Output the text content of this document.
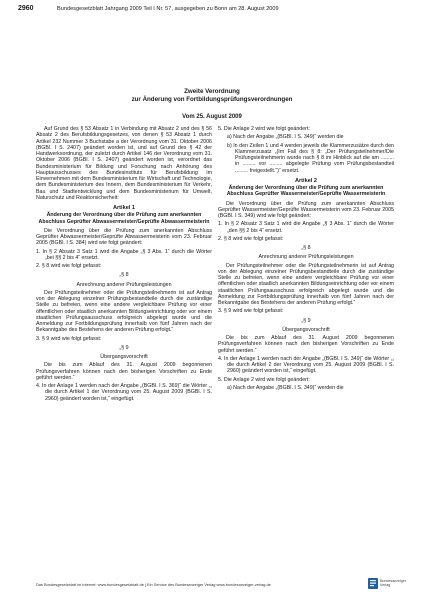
2960	Bundesgesetzblatt Jahrgang 2009 Teil I Nr. 57, ausgegeben zu Bonn am 28. August 2009
Zweite Verordnung
zur Änderung von Fortbildungsprüfungsverordnungen
Vom 25. August 2009

Auf Grund des § 53 Absatz 1 in Verbindung mit Absatz 2 und des § 56 Absatz 2 des Berufsbildungsgesetzes, von denen § 53 Absatz 1 durch Artikel 232 Nummer 3 Buchstabe a der Verordnung vom 31. Oktober 2006 (BGBl. I S. 2407) geändert worden ist, und auf Grund des § 42 der Handwerksordnung, der zuletzt durch Artikel 146 der Verordnung vom 31. Oktober 2006 (BGBl. I S. 2407) geändert worden ist, verordnet das Bundesministerium für Bildung und Forschung nach Anhörung des Hauptausschusses des Bundesinstituts für Berufsbildung im Einvernehmen mit dem Bundesministerium für Wirtschaft und Technologie, dem Bundesministerium des Innern, dem Bundesministerium für Verkehr, Bau und Stadtentwicklung und dem Bundesministerium für Umwelt, Naturschutz und Reaktorsicherheit:

Artikel 1
Änderung der Verordnung über die Prüfung zum anerkannten Abschluss Geprüfter Abwassermeister/Geprüfte Abwassermeisterin

Die Verordnung über die Prüfung zum anerkannten Abschluss Geprüfter Abwassermeister/Geprüfte Abwassermeisterin vom 23. Februar 2005 (BGBl. I S. 384) wird wie folgt geändert:

1. In § 2 Absatz 3 Satz 1 wird die Angabe „§ 3 Abs. 1“ durch die Wörter „bei §§ 2 bis 4“ ersetzt.
2. § 8 wird wie folgt gefasst:
„§ 8
Anrechnung anderer Prüfungsleistungen

Der Prüfungsteilnehmer oder die Prüfungsteilnehmerin ist auf Antrag von der Ablegung einzelner Prüfungsbestandteile durch die zuständige Stelle zu befreien, wenn eine andere vergleichbare Prüfung vor einer öffentlichen oder staatlich anerkannten Bildungseinrichtung oder vor einem staatlichen Prüfungsausschuss erfolgreich abgelegt wurde und die Anmeldung zur Fortbildungsprüfung innerhalb von fünf Jahren nach der Bekanntgabe des Bestehens der anderen Prüfung erfolgt.“

3. § 9 wird wie folgt gefasst:
„§ 9
Übergangsvorschrift

Die bis zum Ablauf des 31. August 2009 begonnenen Prüfungsverfahren können nach den bisherigen Vorschriften zu Ende geführt werden.“

4. In der Anlage 1 werden nach der Angabe „(BGBl. I S. 369)“ die Wörter „, die durch Artikel 1 der Verordnung vom 25. August 2009 (BGBl. I S. 2960) geändert worden ist,“ eingefügt.
5. Die Anlage 2 wird wie folgt geändert:
a) Nach der Angabe „(BGBl. I S. 349)“ werden die
b) In den Zeilen 1 und 4 werden jeweils die Klammerzusätze durch den Klammerzusatz „(Im Fall des § 8: „Der Prüfungsteilnehmer/Die Prüfungsteilnehmerin wurde nach § 8 im Hinblick auf die am ......... in ......... vor ......... abgelegte Prüfung vom Prüfungsbestandteil ......... freigestellt.“)“ ersetzt.
Artikel 2
Änderung der Verordnung über die Prüfung zum anerkannten Abschluss Geprüfter Wassermeister/Geprüfte Wassermeisterin

Die Verordnung über die Prüfung zum anerkannten Abschluss Geprüfter Wassermeister/Geprüfte Wassermeisterin vom 23. Februar 2005 (BGBl. I S. 349) wird wie folgt geändert:

1. In § 2 Absatz 3 Satz 1 wird die Angabe „§ 3 Abs. 1“ durch die Wörter „den §§ 2 bis 4“ ersetzt.
2. § 8 wird wie folgt gefasst:
„§ 8
Anrechnung anderer Prüfungsleistungen

Der Prüfungsteilnehmer oder die Prüfungsteilnehmerin ist auf Antrag von der Ablegung einzelner Prüfungsbestandteile durch die zuständige Stelle zu befreien, wenn eine andere vergleichbare Prüfung vor einer öffentlichen oder staatlich anerkannten Bildungseinrichtung oder vor einem staatlichen Prüfungsausschuss erfolgreich abgelegt wurde und die Anmeldung zur Fortbildungsprüfung innerhalb von fünf Jahren nach der Bekanntgabe des Bestehens der anderen Prüfung erfolgt.“

3. § 9 wird wie folgt gefasst:
„§ 9
Übergangsvorschrift

Die bis zum Ablauf des 31. August 2009 begonnenen Prüfungsverfahren können nach den bisherigen Vorschriften zu Ende geführt werden.“

4. In der Anlage 1 werden nach der Angabe „(BGBl. I S. 349)“ die Wörter „, die durch Artikel 2 der Verordnung vom 25. August 2009 (BGBl. I S. 2960) geändert worden ist,“ eingefügt.
5. Die Anlage 2 wird wie folgt geändert:
a) Nach der Angabe „(BGBl. I S. 349)“ werden die
Das Bundesgesetzblatt im Internet: www.bundesgesetzblatt.de | Ein Service des Bundesanzeiger Verlag www.bundesanzeiger-verlag.de
Bundesanzeiger
Verlag
